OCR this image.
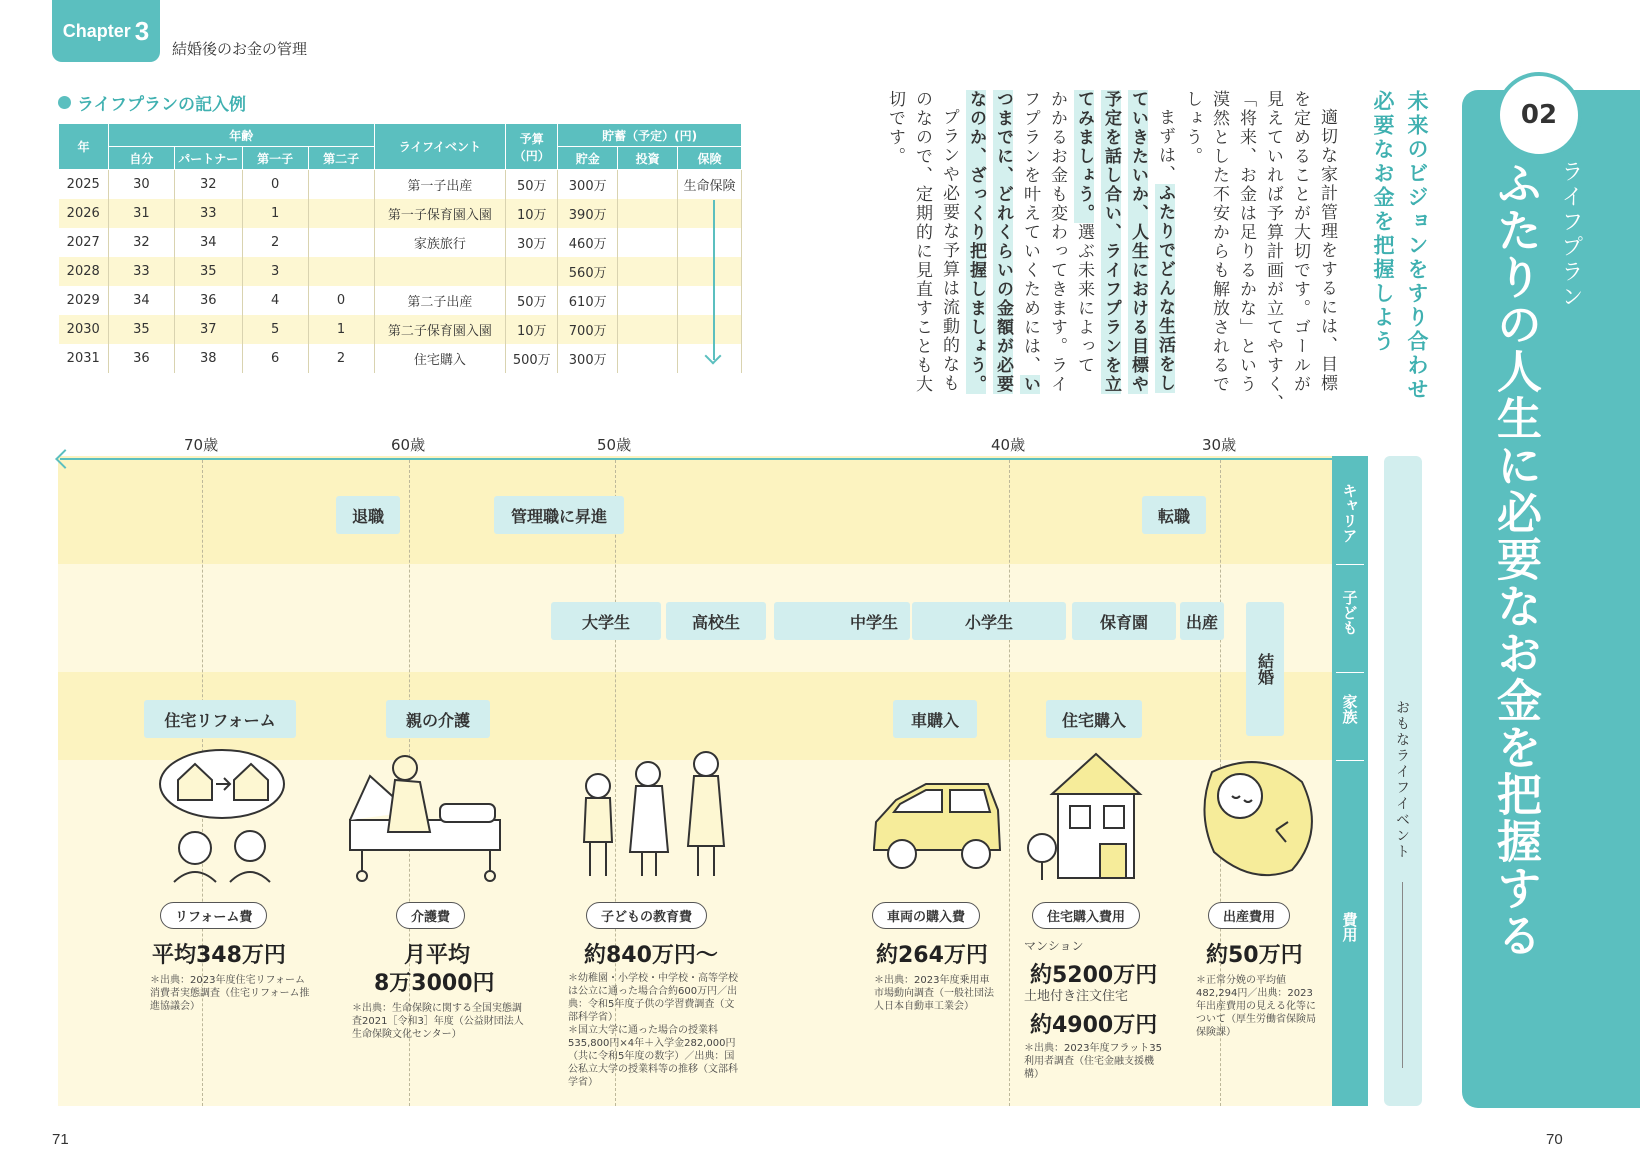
Chapter 3
結婚後のお金の管理
ライフプランの記入例
年	年齢				ライフイベント	予算（円）	貯蓄（予定）(円)		
	自分	パートナー	第一子	第二子			貯金	投資	保険
2025	30	32	0		第一子出産	50万	300万		生命保険
2026	31	33	1		第一子保育園入園	10万	390万		
2027	32	34	2		家族旅行	30万	460万		
2028	33	35	3				560万		
2029	34	36	4	0	第二子出産	50万	610万		
2030	35	37	5	1	第二子保育園入園	10万	700万		
2031	36	38	6	2	住宅購入	500万	300万			未来のビジョンをすり合わせ
必要なお金を把握しよう
適切な家計管理をするには、目標
を定めることが大切です。ゴールが
見えていれば予算計画が立てやすく、
「将来、お金は足りるかな」という
漠然とした不安からも解放されるで
しょう。
まずは、ふたりでどんな生活をし
ていきたいか、人生における目標や
予定を話し合い、ライフプランを立
てみましょう。選ぶ未来によって
かかるお金も変わってきます。ライ
フプランを叶えていくためには、い
つまでに、どれくらいの金額が必要
なのか、ざっくり把握しましょう。
プランや必要な予算は流動的なも
のなので、定期的に見直すことも大
切です。	02
ライフプラン
ふたりの人生に必要なお金を把握する
70歳	60歳	50歳	40歳	30歳
キャリア
子ども
家族
費用
おもなライフイベント
退職	管理職に昇進	転職
大学生	高校生	中学生	小学生	保育園	出産
結婚
住宅リフォーム	親の介護	車購入	住宅購入
リフォーム費
平均348万円
＊出典：2023年度住宅リフォーム消費者実態調査（住宅リフォーム推進協議会）
介護費
月平均
8万3000円
＊出典：生命保険に関する全国実態調査2021［令和3］年度（公益財団法人生命保険文化センター）
子どもの教育費
約840万円〜
＊幼稚園・小学校・中学校・高等学校は公立に通った場合合約600万円／出典：令和5年度子供の学習費調査（文部科学省）
＊国立大学に通った場合の授業料535,800円×4年＋入学金282,000円（共に令和5年度の数字）／出典：国公私立大学の授業料等の推移（文部科学省）
車両の購入費
約264万円
＊出典：2023年度乗用車市場動向調査（一般社団法人日本自動車工業会）
住宅購入費用
マンション
約5200万円
土地付き注文住宅
約4900万円
＊出典：2023年度フラット35利用者調査（住宅金融支援機構）
出産費用
約50万円
＊正常分娩の平均値482,294円／出典：2023年出産費用の見える化等について（厚生労働省保険局保険課）
71	70
